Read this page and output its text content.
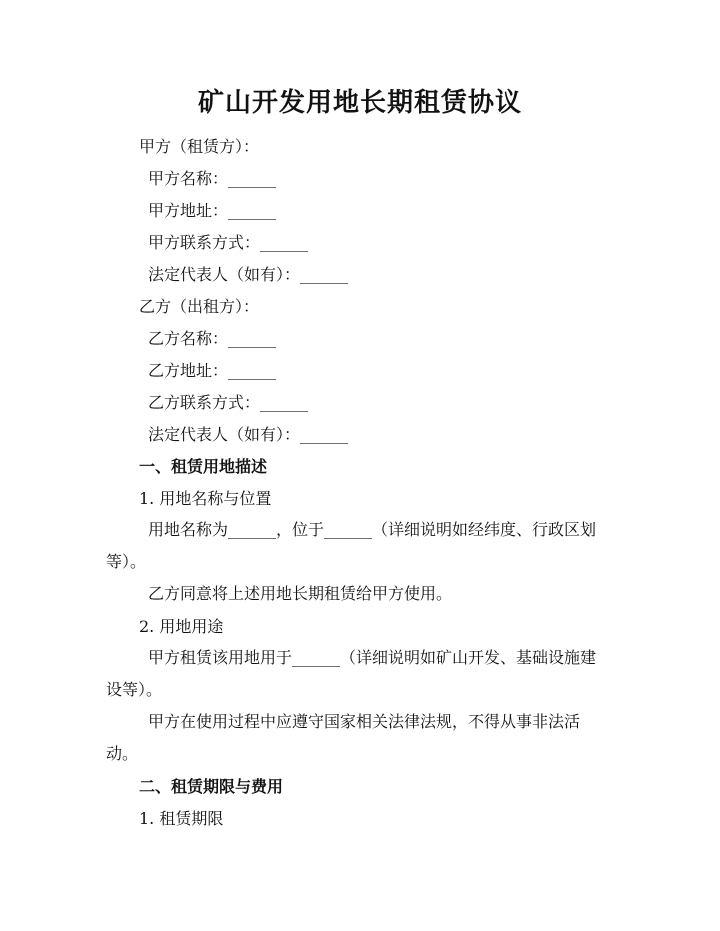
矿山开发用地长期租赁协议

甲方（租赁方）：

甲方名称：______

甲方地址：______

甲方联系方式：______

法定代表人（如有）：______

乙方（出租方）：

乙方名称：______

乙方地址：______

乙方联系方式：______

法定代表人（如有）：______

一、租赁用地描述

1. 用地名称与位置

用地名称为______，位于______（详细说明如经纬度、行政区划等）。

乙方同意将上述用地长期租赁给甲方使用。

2. 用地用途

甲方租赁该用地用于______（详细说明如矿山开发、基础设施建设等）。

甲方在使用过程中应遵守国家相关法律法规，不得从事非法活动。

二、租赁期限与费用

1. 租赁期限
